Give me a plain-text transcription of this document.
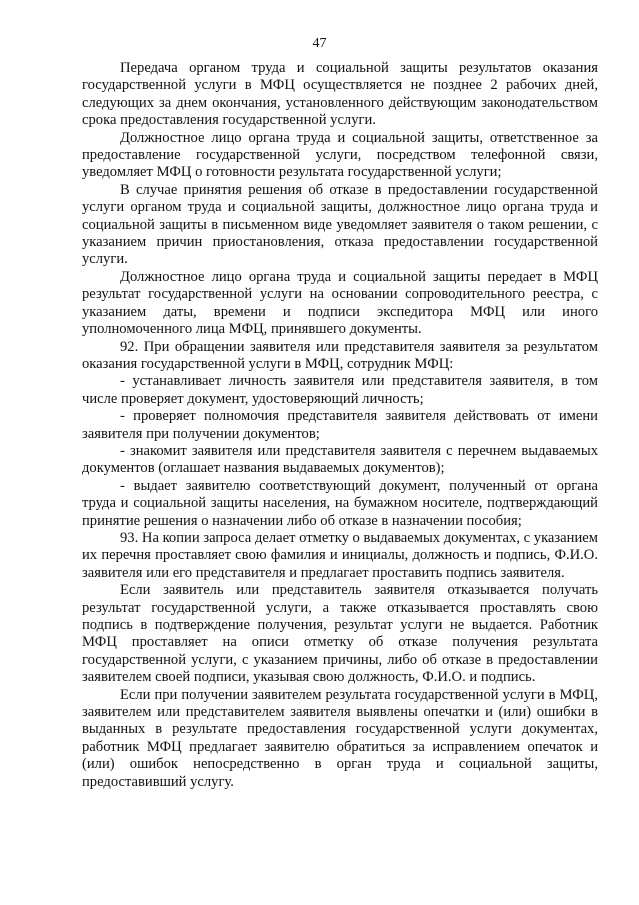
47

Передача органом труда и социальной защиты результатов оказания государственной услуги в МФЦ осуществляется не позднее 2 рабочих дней, следующих за днем окончания, установленного действующим законодательством срока предоставления государственной услуги.

Должностное лицо органа труда и социальной защиты, ответственное за предоставление государственной услуги, посредством телефонной связи, уведомляет МФЦ о готовности результата государственной услуги;

В случае принятия решения об отказе в предоставлении государственной услуги органом труда и социальной защиты, должностное лицо органа труда и социальной защиты в письменном виде уведомляет заявителя о таком решении, с указанием причин приостановления, отказа предоставлении государственной услуги.

Должностное лицо органа труда и социальной защиты передает в МФЦ результат государственной услуги на основании сопроводительного реестра, с указанием даты, времени и подписи экспедитора МФЦ или иного уполномоченного лица МФЦ, принявшего документы.

92. При обращении заявителя или представителя заявителя за результатом оказания государственной услуги в МФЦ, сотрудник МФЦ:

- устанавливает личность заявителя или представителя заявителя, в том числе проверяет документ, удостоверяющий личность;

- проверяет полномочия представителя заявителя действовать от имени заявителя при получении документов;

- знакомит заявителя или представителя заявителя с перечнем выдаваемых документов (оглашает названия выдаваемых документов);

- выдает заявителю соответствующий документ, полученный от органа труда и социальной защиты населения, на бумажном носителе, подтверждающий принятие решения о назначении либо об отказе в назначении пособия;

93. На копии запроса делает отметку о выдаваемых документах, с указанием их перечня проставляет свою фамилия и инициалы, должность и подпись, Ф.И.О. заявителя или его представителя и предлагает проставить подпись заявителя.

Если заявитель или представитель заявителя отказывается получать результат государственной услуги, а также отказывается проставлять свою подпись в подтверждение получения, результат услуги не выдается. Работник МФЦ проставляет на описи отметку об отказе получения результата государственной услуги, с указанием причины, либо об отказе в предоставлении заявителем своей подписи, указывая свою должность, Ф.И.О. и подпись.

Если при получении заявителем результата государственной услуги в МФЦ, заявителем или представителем заявителя выявлены опечатки и (или) ошибки в выданных в результате предоставления государственной услуги документах, работник МФЦ предлагает заявителю обратиться за исправлением опечаток и (или) ошибок непосредственно в орган труда и социальной защиты, предоставивший услугу.
